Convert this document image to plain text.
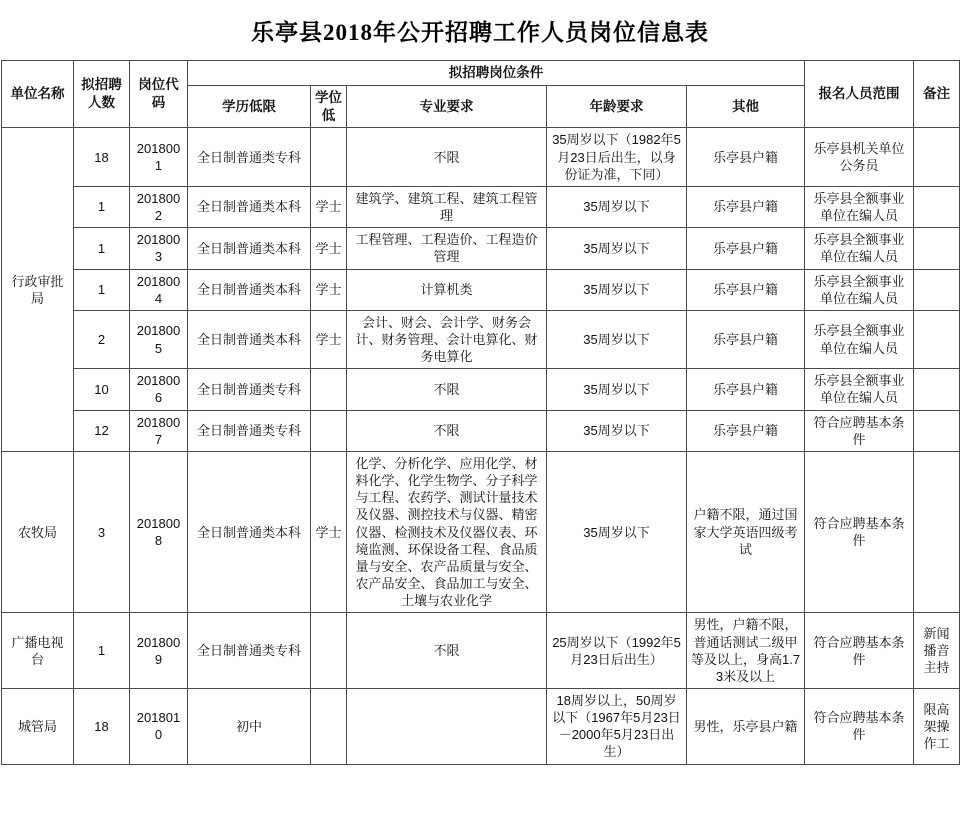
乐亭县2018年公开招聘工作人员岗位信息表
单位名称	拟招聘人数	岗位代码	拟招聘岗位条件					报名人员范围	备注
			学历低限	学位低	专业要求	年龄要求	其他		
行政审批局	18	2018001	全日制普通类专科		不限	35周岁以下（1982年5月23日后出生，以身份证为准，下同）	乐亭县户籍	乐亭县机关单位公务员	
	1	2018002	全日制普通类本科	学士	建筑学、建筑工程、建筑工程管理	35周岁以下	乐亭县户籍	乐亭县全额事业单位在编人员	
	1	2018003	全日制普通类本科	学士	工程管理、工程造价、工程造价管理	35周岁以下	乐亭县户籍	乐亭县全额事业单位在编人员	
	1	2018004	全日制普通类本科	学士	计算机类	35周岁以下	乐亭县户籍	乐亭县全额事业单位在编人员	
	2	2018005	全日制普通类本科	学士	会计、财会、会计学、财务会计、财务管理、会计电算化、财务电算化	35周岁以下	乐亭县户籍	乐亭县全额事业单位在编人员	
	10	2018006	全日制普通类专科		不限	35周岁以下	乐亭县户籍	乐亭县全额事业单位在编人员	
	12	2018007	全日制普通类专科		不限	35周岁以下	乐亭县户籍	符合应聘基本条件	
农牧局	3	2018008	全日制普通类本科	学士	化学、分析化学、应用化学、材料化学、化学生物学、分子科学与工程、农药学、测试计量技术及仪器、测控技术与仪器、精密仪器、检测技术及仪器仪表、环境监测、环保设备工程、食品质量与安全、农产品质量与安全、农产品安全、食品加工与安全、土壤与农业化学	35周岁以下	户籍不限，通过国家大学英语四级考试	符合应聘基本条件	
广播电视台	1	2018009	全日制普通类专科		不限	25周岁以下（1992年5月23日后出生）	男性，户籍不限，普通话测试二级甲等及以上，身高1.73米及以上	符合应聘基本条件	新闻播音主持
城管局	18	2018010	初中			18周岁以上，50周岁以下（1967年5月23日－2000年5月23日出生）	男性，乐亭县户籍	符合应聘基本条件	限高架操作工
